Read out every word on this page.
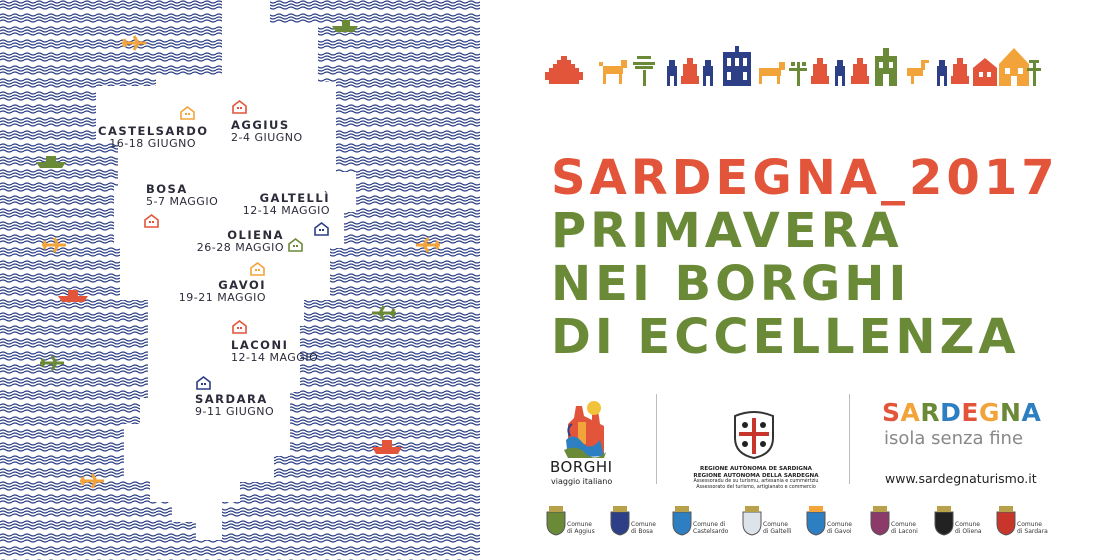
CASTELSARDO
16-18 GIUGNO
AGGIUS
2-4 GIUGNO
BOSA
5-7 MAGGIO	GALTELLÌ
12-14 MAGGIO
OLIENA
26-28 MAGGIO
GAVOI
19-21 MAGGIO
LACONI
12-14 MAGGIO
SARDARA
9-11 GIUGNO
SARDEGNA_2017
PRIMAVERA
NEI BORGHI
DI ECCELLENZA
BORGHI
viaggio italiano
REGIONE AUTÒNOMA DE SARDIGNA
REGIONE AUTONOMA DELLA SARDEGNA
Assessoradu de su turismu, artesania e cummèrtziu
Assessorato del turismo, artigianato e commercio
SARDEGNA
isola senza fine
www.sardegnaturismo.it
Comune
di Aggius
Comune
di Bosa
Comune di
Castelsardo
Comune
di Galtellì
Comune
di Gavoi
Comune
di Laconi
Comune
di Oliena
Comune
di Sardara
